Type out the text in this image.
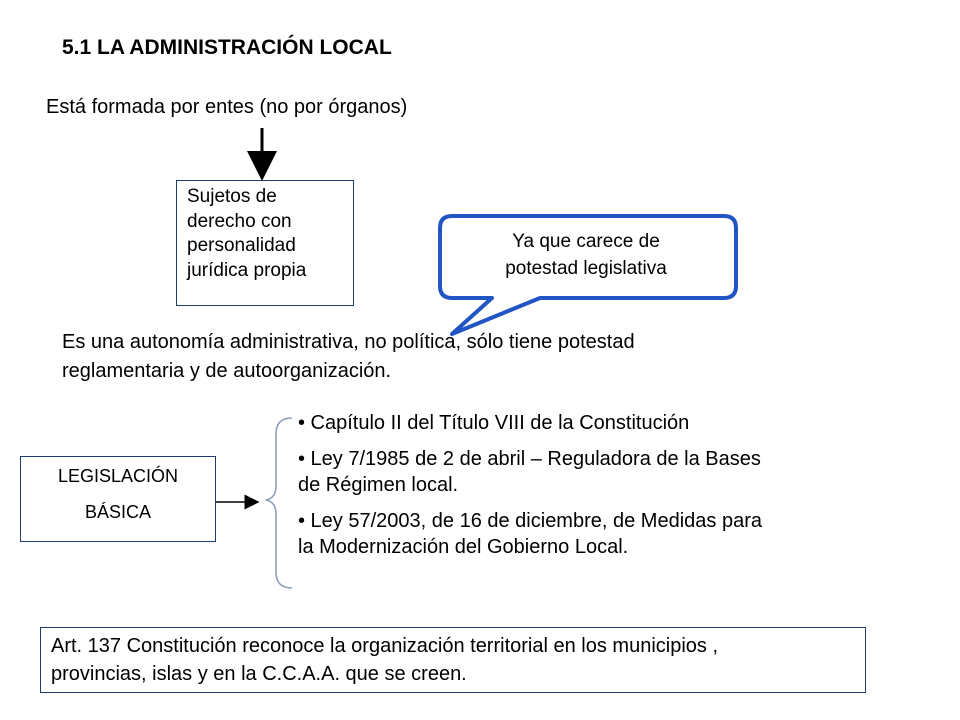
5.1 LA ADMINISTRACIÓN LOCAL
Está formada por entes (no por órganos)
Sujetos de
derecho con
personalidad
jurídica propia
Ya que carece de
potestad legislativa
Es una autonomía administrativa, no política, sólo tiene potestad
reglamentaria y de autoorganización.
LEGISLACIÓN
BÁSICA
• Capítulo II del Título VIII de la Constitución
• Ley 7/1985 de 2 de abril – Reguladora de la Bases
de Régimen local.
• Ley 57/2003, de 16 de diciembre, de Medidas para
la Modernización del Gobierno Local.
Art. 137 Constitución reconoce la organización territorial en los municipios ,
provincias, islas y en la C.C.A.A. que se creen.
